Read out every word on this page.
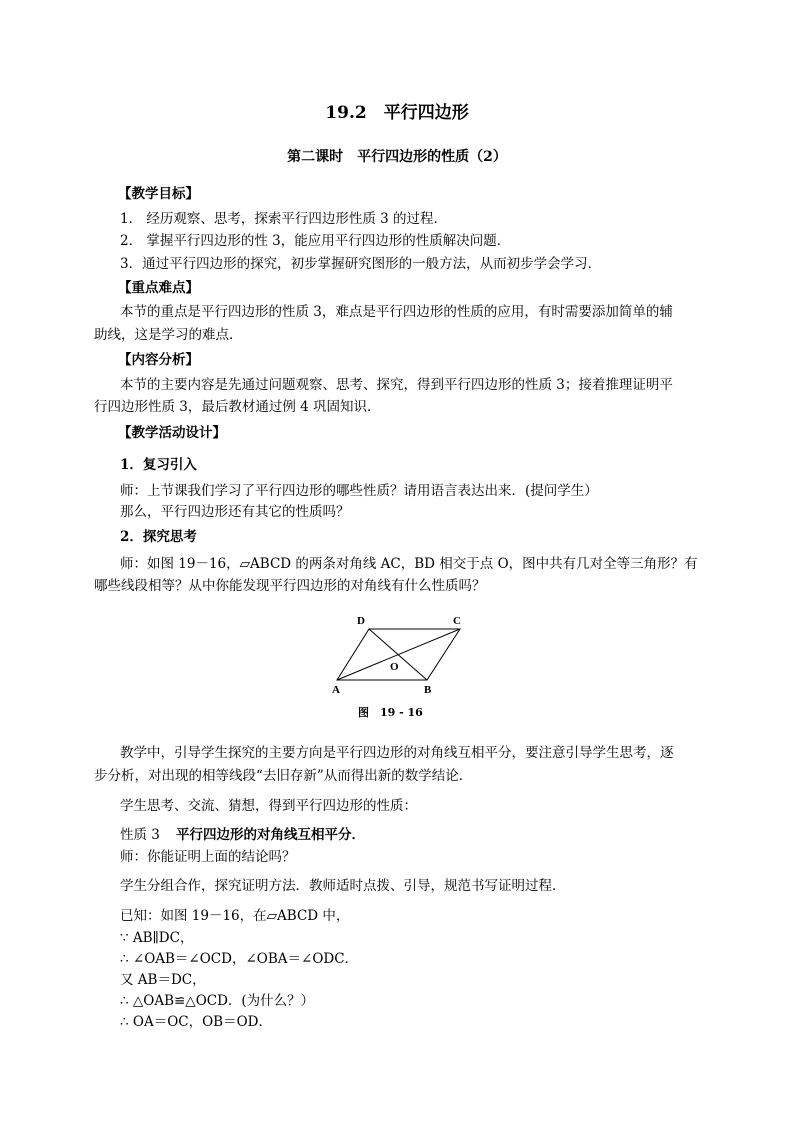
19.2　平行四边形
第二课时　平行四边形的性质（2）
【教学目标】
1． 经历观察、思考，探索平行四边形性质 3 的过程．
2． 掌握平行四边形的性 3，能应用平行四边形的性质解决问题．
3．通过平行四边形的探究，初步掌握研究图形的一般方法，从而初步学会学习．
【重点难点】
本节的重点是平行四边形的性质 3，难点是平行四边形的性质的应用，有时需要添加简单的辅
助线，这是学习的难点．
【内容分析】
本节的主要内容是先通过问题观察、思考、探究，得到平行四边形的性质 3；接着推理证明平
行四边形性质 3，最后教材通过例 4 巩固知识．
【教学活动设计】
1．复习引入
师：上节课我们学习了平行四边形的哪些性质？请用语言表达出来．(提问学生）
那么，平行四边形还有其它的性质吗？
2．探究思考
师：如图 19－16，▱ABCD 的两条对角线 AC，BD 相交于点 O，图中共有几对全等三角形？有
哪些线段相等？从中你能发现平行四边形的对角线有什么性质吗？
D	C
A	B
O
图　19 - 16
教学中，引导学生探究的主要方向是平行四边形的对角线互相平分，要注意引导学生思考，逐
步分析，对出现的相等线段“去旧存新”从而得出新的数学结论．
学生思考、交流、猜想，得到平行四边形的性质：
性质 3 平行四边形的对角线互相平分．
师：你能证明上面的结论吗？
学生分组合作，探究证明方法．教师适时点拨、引导，规范书写证明过程．
已知：如图 19－16，在▱ABCD 中，
∵ AB∥DC，
∴ ∠OAB＝∠OCD，∠OBA＝∠ODC．
又 AB＝DC，
∴ △OAB≌△OCD．(为什么？）
∴ OA＝OC，OB＝OD．
